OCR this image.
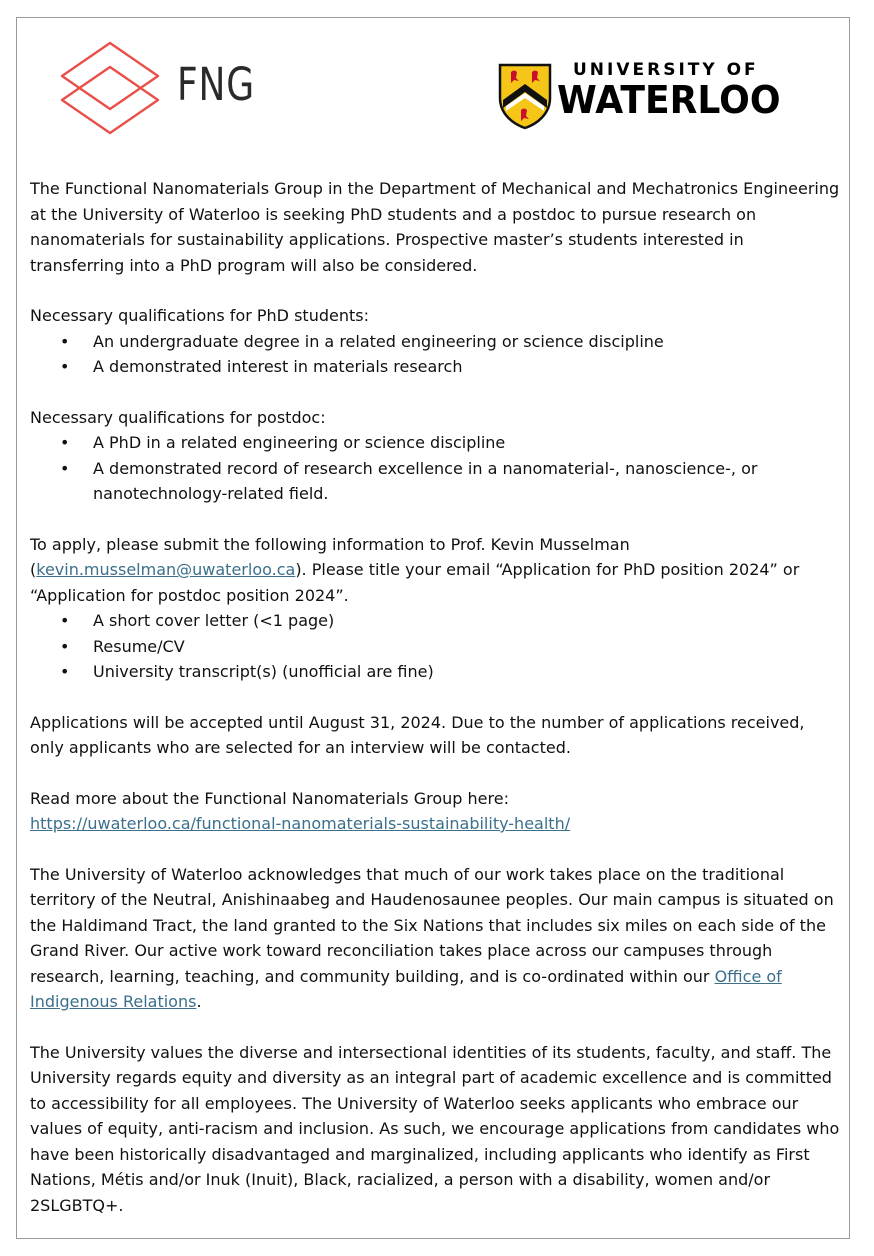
FNG	UNIVERSITY OF
WATERLOO

The Functional Nanomaterials Group in the Department of Mechanical and Mechatronics Engineering at the University of Waterloo is seeking PhD students and a postdoc to pursue research on nanomaterials for sustainability applications. Prospective master’s students interested in transferring into a PhD program will also be considered.

Necessary qualifications for PhD students:

• An undergraduate degree in a related engineering or science discipline
• A demonstrated interest in materials research

Necessary qualifications for postdoc:

• A PhD in a related engineering or science discipline
• A demonstrated record of research excellence in a nanomaterial-, nanoscience-, or nanotechnology-related field.

To apply, please submit the following information to Prof. Kevin Musselman (kevin.musselman@uwaterloo.ca). Please title your email “Application for PhD position 2024” or “Application for postdoc position 2024”.

• A short cover letter (<1 page)
• Resume/CV
• University transcript(s) (unofficial are fine)

Applications will be accepted until August 31, 2024. Due to the number of applications received, only applicants who are selected for an interview will be contacted.

Read more about the Functional Nanomaterials Group here:
https://uwaterloo.ca/functional-nanomaterials-sustainability-health/

The University of Waterloo acknowledges that much of our work takes place on the traditional territory of the Neutral, Anishinaabeg and Haudenosaunee peoples. Our main campus is situated on the Haldimand Tract, the land granted to the Six Nations that includes six miles on each side of the Grand River. Our active work toward reconciliation takes place across our campuses through research, learning, teaching, and community building, and is co-ordinated within our Office of Indigenous Relations.

The University values the diverse and intersectional identities of its students, faculty, and staff. The University regards equity and diversity as an integral part of academic excellence and is committed to accessibility for all employees. The University of Waterloo seeks applicants who embrace our values of equity, anti-racism and inclusion. As such, we encourage applications from candidates who have been historically disadvantaged and marginalized, including applicants who identify as First Nations, Métis and/or Inuk (Inuit), Black, racialized, a person with a disability, women and/or 2SLGBTQ+.
